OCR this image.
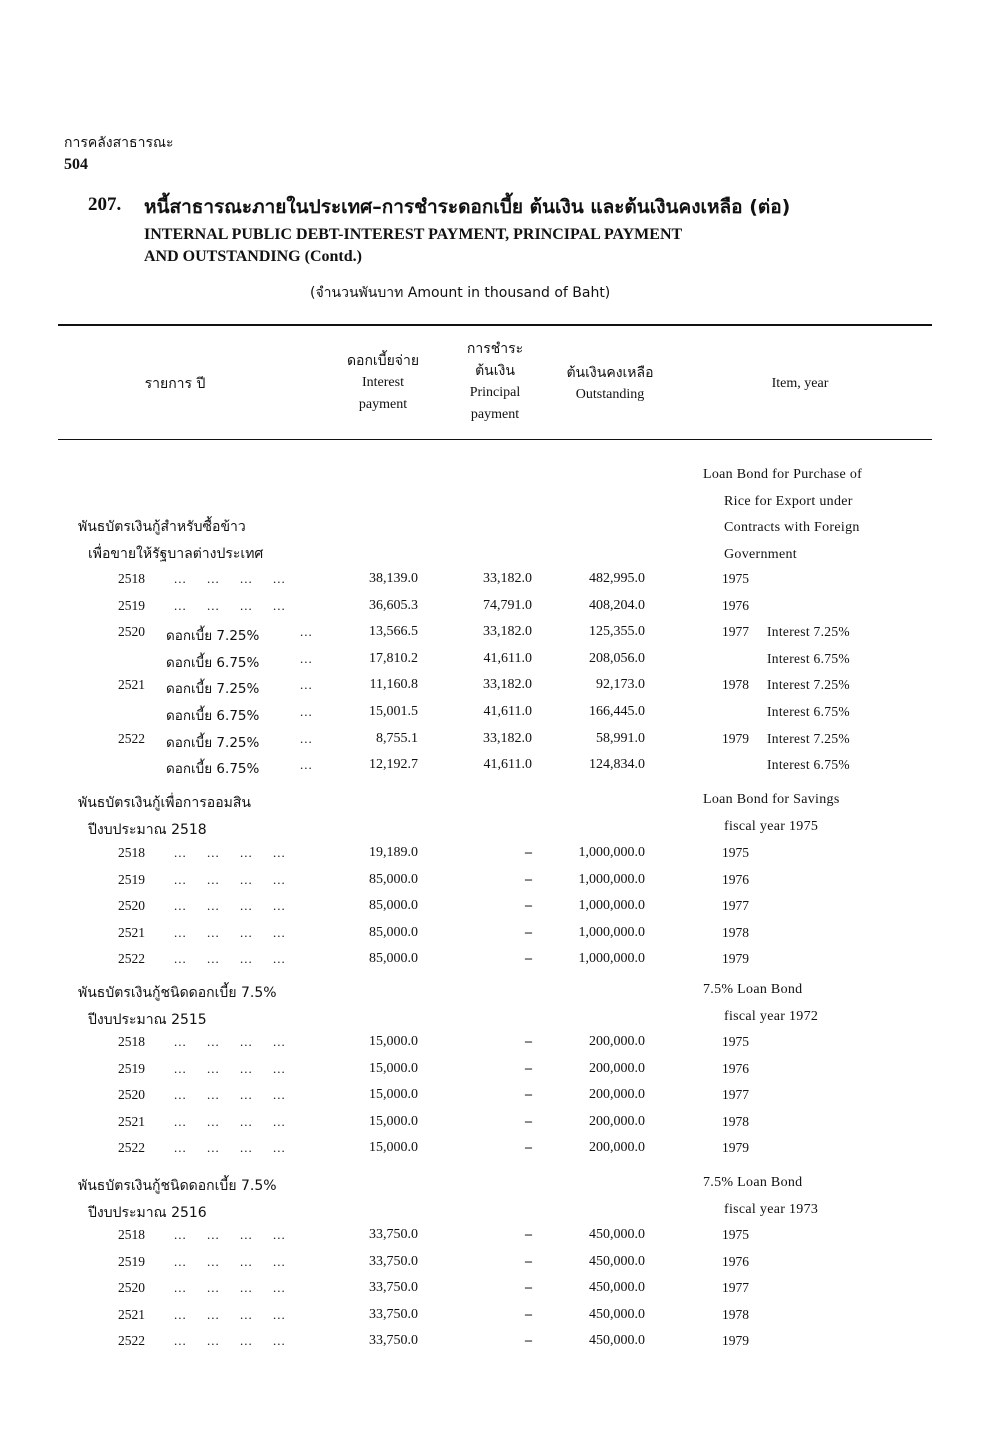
การคลังสาธารณะ
504
207. หนี้สาธารณะภายในประเทศ–การชำระดอกเบี้ย ต้นเงิน และต้นเงินคงเหลือ (ต่อ)
INTERNAL PUBLIC DEBT-INTEREST PAYMENT, PRINCIPAL PAYMENT
AND OUTSTANDING (Contd.)
(จำนวนพันบาท Amount in thousand of Baht)
รายการ ปี
ดอกเบี้ยจ่าย
Interest
payment
การชำระ
ต้นเงิน
Principal
payment
ต้นเงินคงเหลือ
Outstanding
Item, year
พันธบัตรเงินกู้สำหรับซื้อข้าว
เพื่อขายให้รัฐบาลต่างประเทศ
Loan Bond for Purchase of
Rice for Export under
Contracts with Foreign
Government
2518 ... ... ... ...	38,139.0	33,182.0	482,995.0	1975
2519 ... ... ... ...	36,605.3	74,791.0	408,204.0	1976
2520 ดอกเบี้ย 7.25%	...	13,566.5	33,182.0	125,355.0	1977 Interest 7.25%
ดอกเบี้ย 6.75%	...	17,810.2	41,611.0	208,056.0	Interest 6.75%
2521 ดอกเบี้ย 7.25%	...	11,160.8	33,182.0	92,173.0	1978 Interest 7.25%
ดอกเบี้ย 6.75%	...	15,001.5	41,611.0	166,445.0	Interest 6.75%
2522 ดอกเบี้ย 7.25%	...	8,755.1	33,182.0	58,991.0	1979 Interest 7.25%
ดอกเบี้ย 6.75%	...	12,192.7	41,611.0	124,834.0	Interest 6.75%
พันธบัตรเงินกู้เพื่อการออมสิน
ปีงบประมาณ 2518
Loan Bond for Savings
fiscal year 1975
2518 ... ... ... ...	19,189.0	–	1,000,000.0	1975
2519 ... ... ... ...	85,000.0	–	1,000,000.0	1976
2520 ... ... ... ...	85,000.0	–	1,000,000.0	1977
2521 ... ... ... ...	85,000.0	–	1,000,000.0	1978
2522 ... ... ... ...	85,000.0	–	1,000,000.0	1979
พันธบัตรเงินกู้ชนิดดอกเบี้ย 7.5%
ปีงบประมาณ 2515
7.5% Loan Bond
fiscal year 1972
2518 ... ... ... ...	15,000.0	–	200,000.0	1975
2519 ... ... ... ...	15,000.0	–	200,000.0	1976
2520 ... ... ... ...	15,000.0	–	200,000.0	1977
2521 ... ... ... ...	15,000.0	–	200,000.0	1978
2522 ... ... ... ...	15,000.0	–	200,000.0	1979
พันธบัตรเงินกู้ชนิดดอกเบี้ย 7.5%
ปีงบประมาณ 2516
7.5% Loan Bond
fiscal year 1973
2518 ... ... ... ...	33,750.0	–	450,000.0	1975
2519 ... ... ... ...	33,750.0	–	450,000.0	1976
2520 ... ... ... ...	33,750.0	–	450,000.0	1977
2521 ... ... ... ...	33,750.0	–	450,000.0	1978
2522 ... ... ... ...	33,750.0	–	450,000.0	1979
